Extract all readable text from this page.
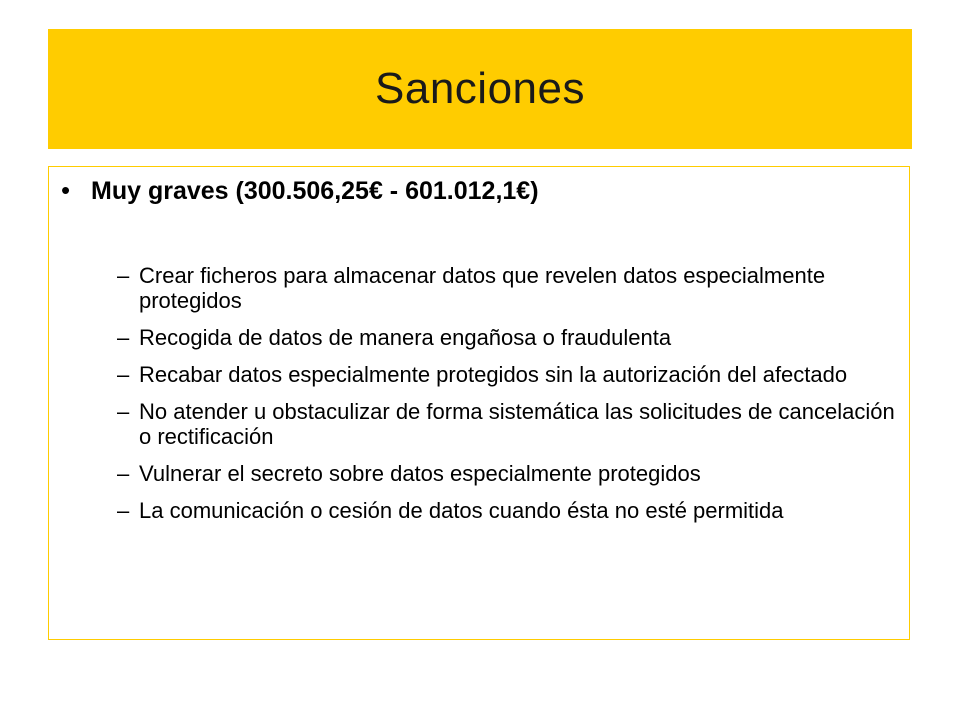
Sanciones
• Muy graves (300.506,25€ - 601.012,1€)
– Crear ficheros para almacenar datos que revelen datos especialmente protegidos
– Recogida de datos de manera engañosa o fraudulenta
– Recabar datos especialmente protegidos sin la autorización del afectado
– No atender u obstaculizar de forma sistemática las solicitudes de cancelación o rectificación
– Vulnerar el secreto sobre datos especialmente protegidos
– La comunicación o cesión de datos cuando ésta no esté permitida
